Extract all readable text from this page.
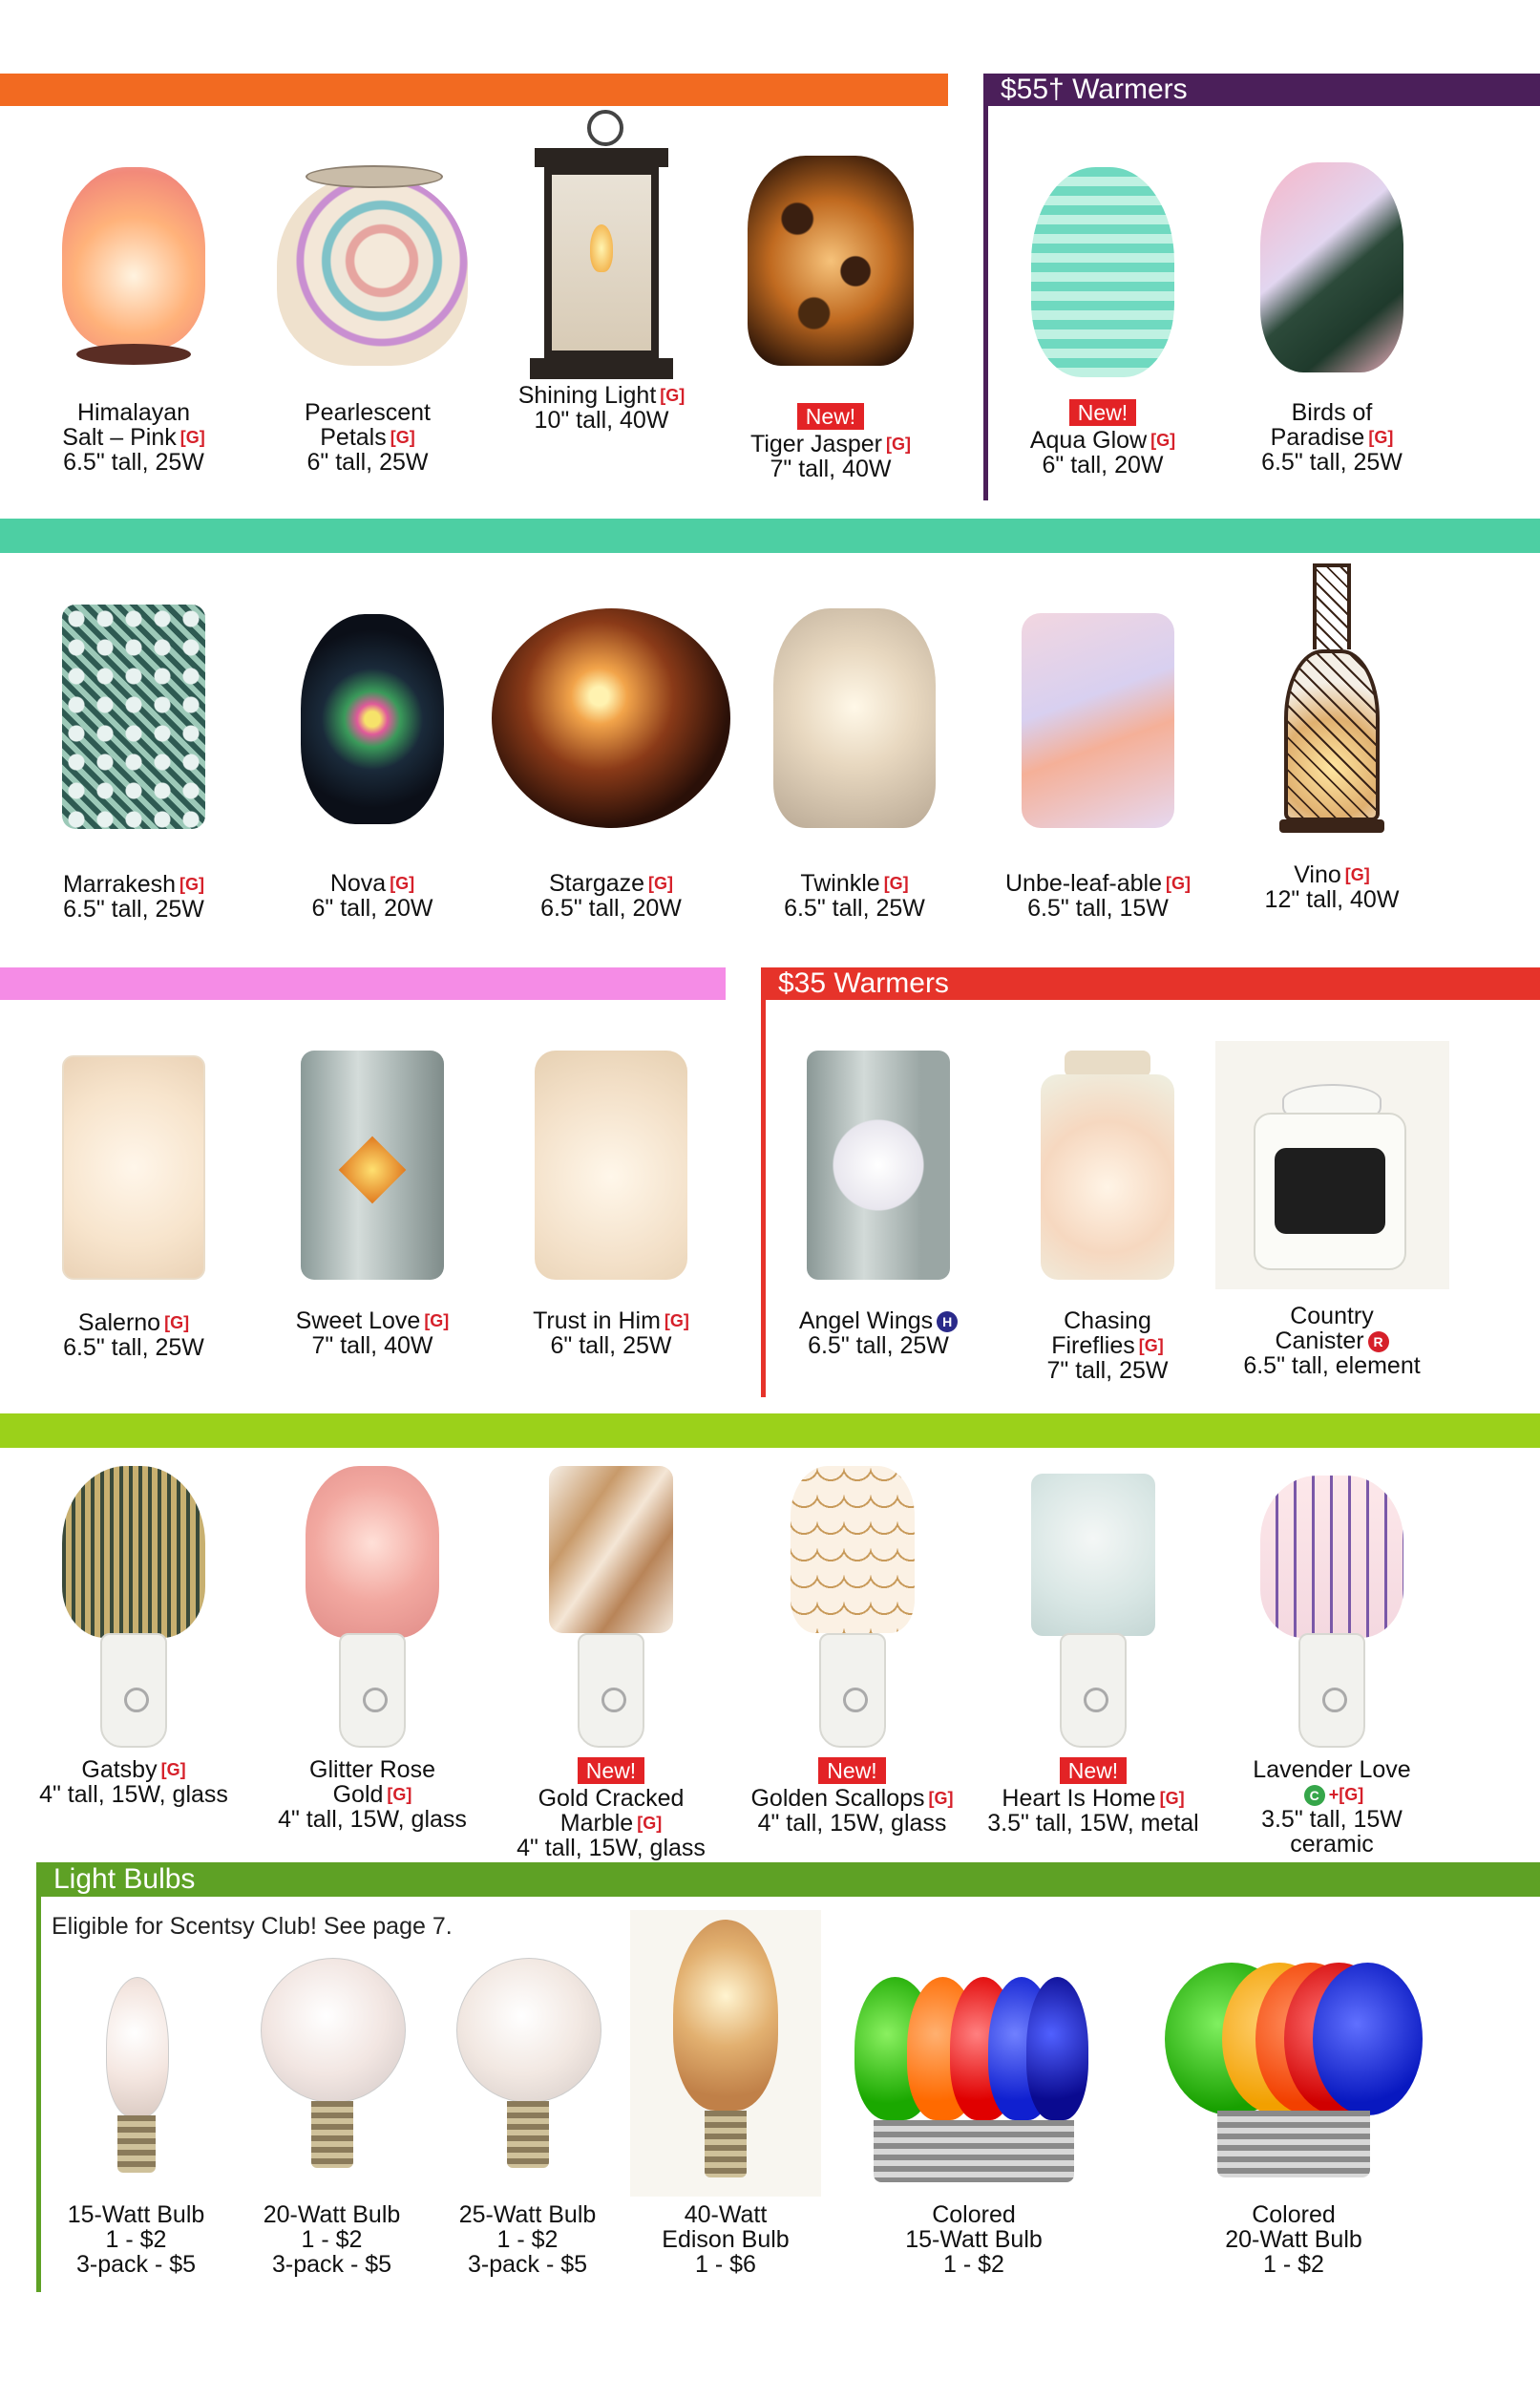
$55† Warmers
$35 Warmers
Light Bulbs
Eligible for Scentsy Club! See page 7.
Himalayan
Salt – Pink [G]
6.5" tall, 25W
Pearlescent
Petals [G]
6" tall, 25W
Shining Light [G]
10" tall, 40W	New!
Tiger Jasper [G]
7" tall, 40W
New!
Aqua Glow [G]
6" tall, 20W
Birds of
Paradise [G]
6.5" tall, 25W
Marrakesh [G]
6.5" tall, 25W
Nova [G]
6" tall, 20W
Stargaze [G]
6.5" tall, 20W
Twinkle [G]
6.5" tall, 25W
Unbe-leaf-able [G]
6.5" tall, 15W
Vino [G]
12" tall, 40W
Salerno [G]
6.5" tall, 25W
Sweet Love [G]
7" tall, 40W
Trust in Him [G]
6" tall, 25W
Angel Wings H
6.5" tall, 25W
Chasing
Fireflies [G]
7" tall, 25W
Country
Canister R
6.5" tall, element
Gatsby [G]
4" tall, 15W, glass
Glitter Rose
Gold [G]
4" tall, 15W, glass
New!
Gold Cracked
Marble [G]
4" tall, 15W, glass
New!
Golden Scallops [G]
4" tall, 15W, glass
New!
Heart Is Home [G]
3.5" tall, 15W, metal
Lavender Love
C +[G]
3.5" tall, 15W
ceramic
15-Watt Bulb
1 - $2
3-pack - $5
20-Watt Bulb
1 - $2
3-pack - $5
25-Watt Bulb
1 - $2
3-pack - $5
40-Watt
Edison Bulb
1 - $6
Colored
15-Watt Bulb
1 - $2
Colored
20-Watt Bulb
1 - $2
